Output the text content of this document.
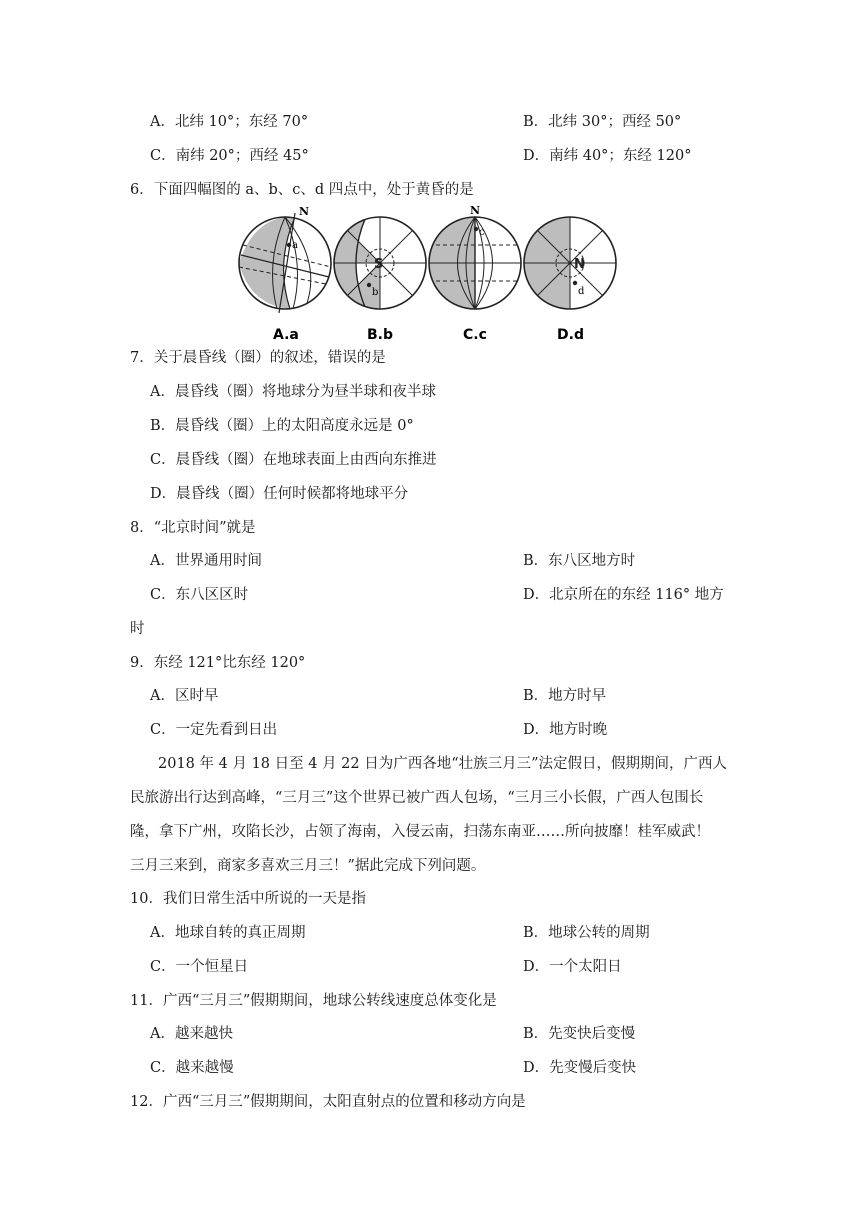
A．北纬 10°；东经 70°	B．北纬 30°；西经 50°
C．南纬 20°；西经 45°	D．南纬 40°；东经 120°
6．下面四幅图的 a、b、c、d 四点中，处于黄昏的是
a
N
S
b
c
N
N
d
A.a	B.b	C.c	D.d
7．关于晨昏线（圈）的叙述，错误的是
A．晨昏线（圈）将地球分为昼半球和夜半球
B．晨昏线（圈）上的太阳高度永远是 0°
C．晨昏线（圈）在地球表面上由西向东推进
D．晨昏线（圈）任何时候都将地球平分
8．“北京时间”就是
A．世界通用时间	B．东八区地方时
C．东八区区时	D．北京所在的东经 116° 地方
时
9．东经 121°比东经 120°
A．区时早	B．地方时早
C．一定先看到日出	D．地方时晚
2018 年 4 月 18 日至 4 月 22 日为广西各地“壮族三月三”法定假日，假期期间，广西人
民旅游出行达到高峰，“三月三”这个世界已被广西人包场，“三月三小长假，广西人包围长
隆，拿下广州，攻陷长沙，占领了海南，入侵云南，扫荡东南亚……所向披靡！桂军威武！
三月三来到，商家多喜欢三月三！”据此完成下列问题。
10．我们日常生活中所说的一天是指
A．地球自转的真正周期	B．地球公转的周期
C．一个恒星日	D．一个太阳日
11．广西“三月三”假期期间，地球公转线速度总体变化是
A．越来越快	B．先变快后变慢
C．越来越慢	D．先变慢后变快
12．广西“三月三”假期期间，太阳直射点的位置和移动方向是
